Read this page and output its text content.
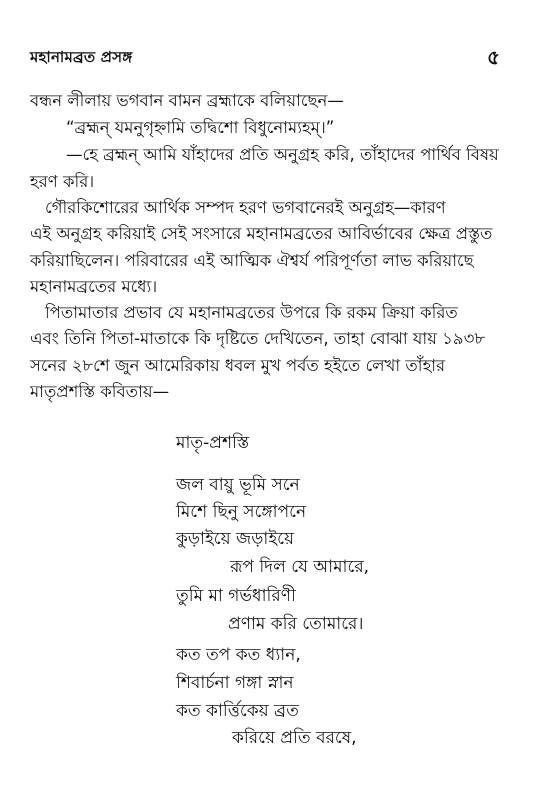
মহানামব্রত প্রসঙ্গ	৫
বন্ধন লীলায় ভগবান বামন ব্রহ্মাকে বলিয়াছেন—
“ব্রহ্মন্ যমনুগৃহ্নামি তদ্বিশো বিধুনোম্যহম্।”
—হে ব্রহ্মন্ আমি যাঁহাদের প্রতি অনুগ্রহ করি, তাঁহাদের পার্থিব বিষয়
হরণ করি।
গৌরকিশোরের আর্থিক সম্পদ হরণ ভগবানেরই অনুগ্রহ—কারণ
এই অনুগ্রহ করিয়াই সেই সংসারে মহানামব্রতের আবির্ভাবের ক্ষেত্র প্রস্তুত
করিয়াছিলেন। পরিবারের এই আত্মিক ঐশ্বর্য পরিপূর্ণতা লাভ করিয়াছে
মহানামব্রতের মধ্যে।
পিতামাতার প্রভাব যে মহানামব্রতের উপরে কি রকম ক্রিয়া করিত
এবং তিনি পিতা-মাতাকে কি দৃষ্টিতে দেখিতেন, তাহা বোঝা যায় ১৯৩৮
সনের ২৮শে জুন আমেরিকায় ধবল মুখ পর্বত হইতে লেখা তাঁহার
মাতৃপ্রশস্তি কবিতায়—
মাতৃ-প্রশস্তি
জল বায়ু ভূমি সনে
মিশে ছিনু সঙ্গোপনে
কুড়াইয়ে জড়াইয়ে
রূপ দিল যে আমারে,
তুমি মা গর্ভধারিণী
প্রণাম করি তোমারে।
কত তপ কত ধ্যান,
শিবার্চনা গঙ্গা স্নান
কত কার্ত্তিকেয় ব্রত
করিয়ে প্রতি বরষে,
